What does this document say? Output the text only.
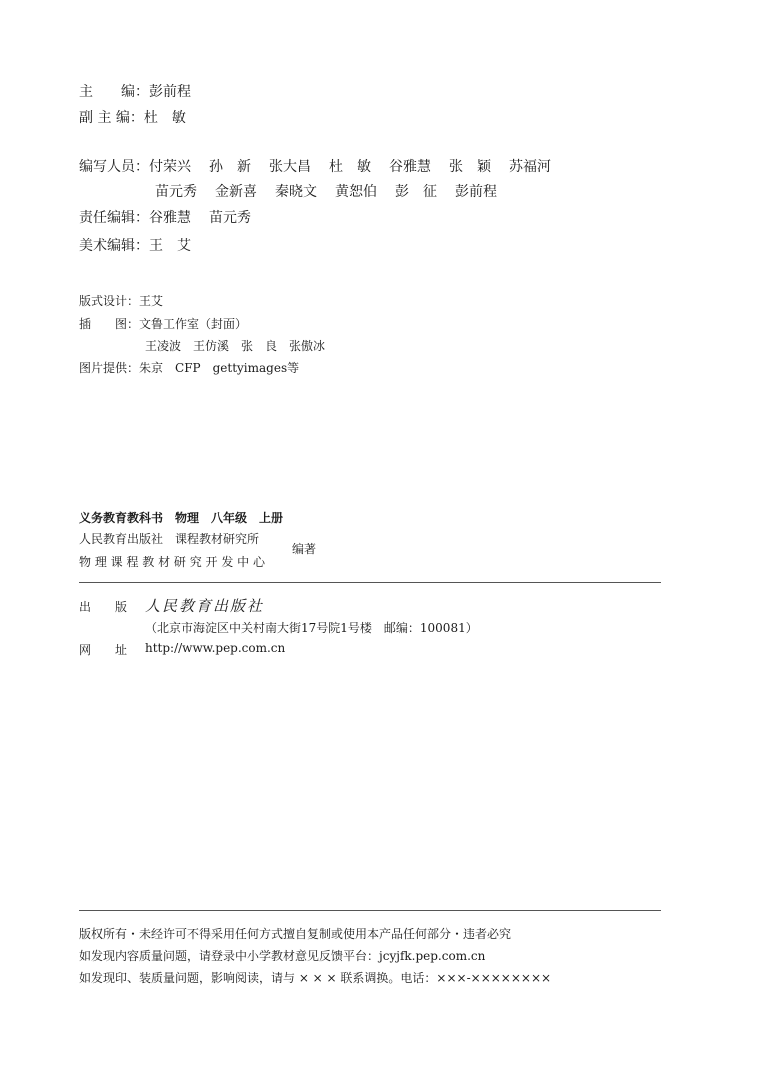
主　　编：彭前程
副 主 编：杜　敏
编写人员：付荣兴 孙　新 张大昌 杜　敏 谷雅慧 张　颖 苏福河
苗元秀 金新喜 秦晓文 黄恕伯 彭　征 彭前程
责任编辑：谷雅慧 苗元秀
美术编辑：王　艾
版式设计：王艾
插　　图：文鲁工作室（封面）
王凌波　王仿溪　张　良　张傲冰
图片提供：朱京　CFP　gettyimages等
义务教育教科书　物理　八年级　上册
人民教育出版社　课程教材研究所
物 理 课 程 教 材 研 究 开 发 中 心
编著
出　　版 人民教育出版社
（北京市海淀区中关村南大街17号院1号楼　邮编：100081）
网　　址 http://www.pep.com.cn
版权所有・未经许可不得采用任何方式擅自复制或使用本产品任何部分・违者必究
如发现内容质量问题，请登录中小学教材意见反馈平台：jcyjfk.pep.com.cn
如发现印、装质量问题，影响阅读，请与 × × × 联系调换。电话：×××-××××××××
